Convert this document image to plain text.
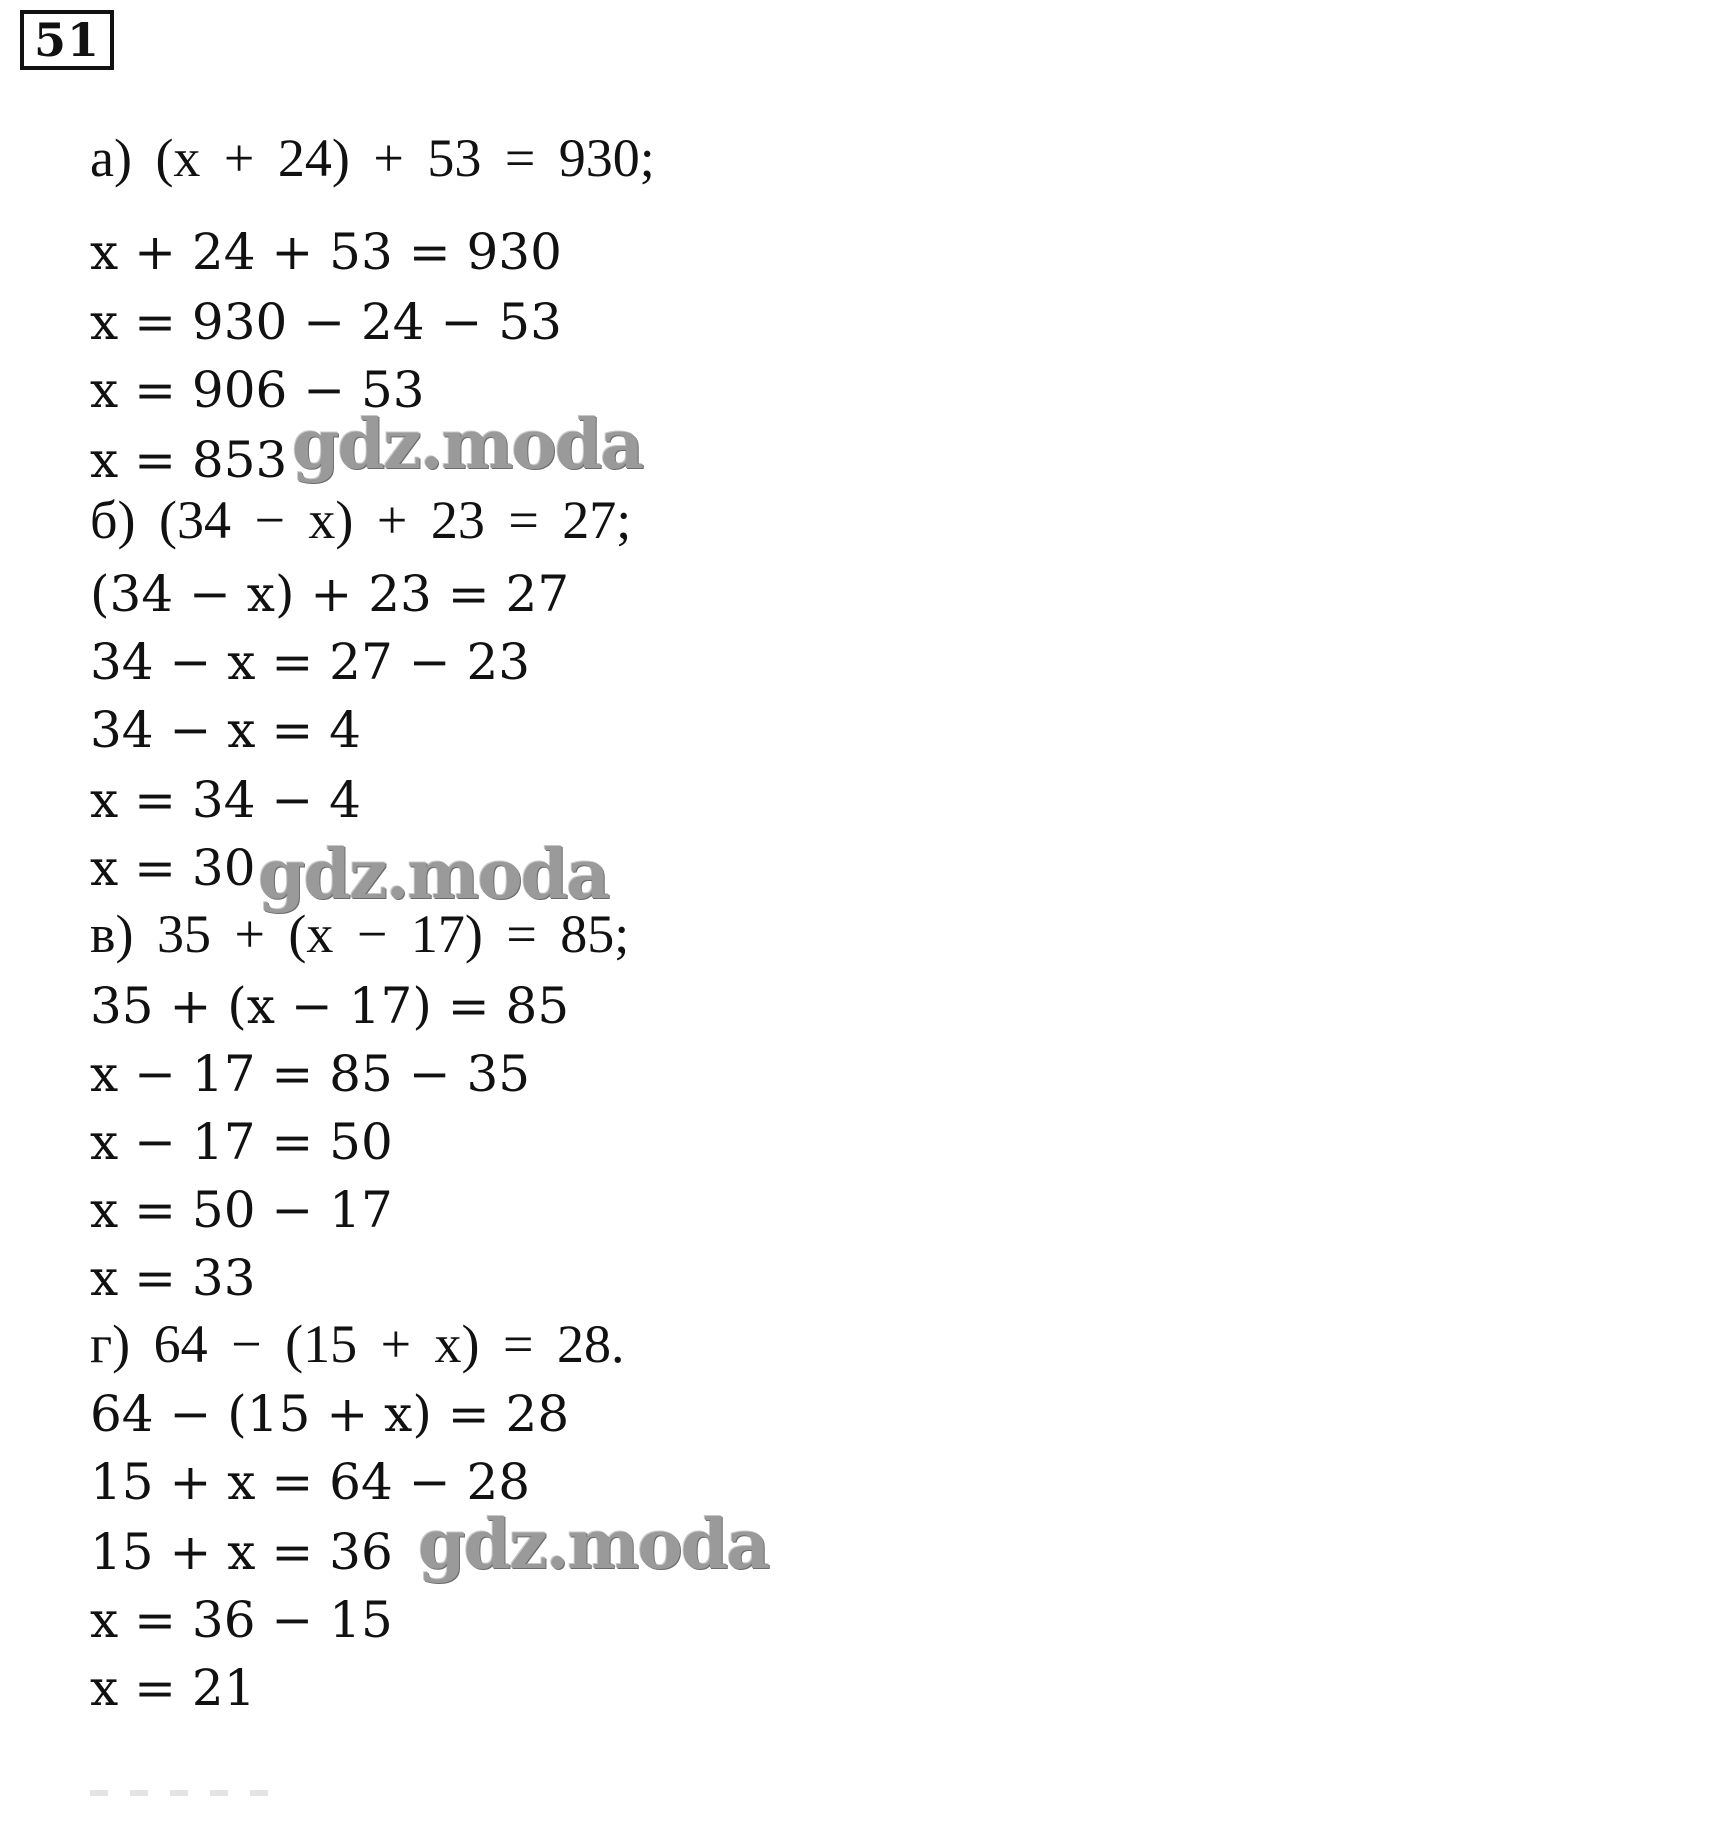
51
а) (x + 24) + 53 = 930;
x + 24 + 53 = 930
x = 930 − 24 − 53
x = 906 − 53
x = 853
б) (34 − x) + 23 = 27;
(34 − x) + 23 = 27
34 − x = 27 − 23
34 − x = 4
x = 34 − 4
x = 30
в) 35 + (x − 17) = 85;
35 + (x − 17) = 85
x − 17 = 85 − 35
x − 17 = 50
x = 50 − 17
x = 33
г) 64 − (15 + x) = 28.
64 − (15 + x) = 28
15 + x = 64 − 28
15 + x = 36
x = 36 − 15
x = 21
gdz.moda
gdz.moda
gdz.moda
